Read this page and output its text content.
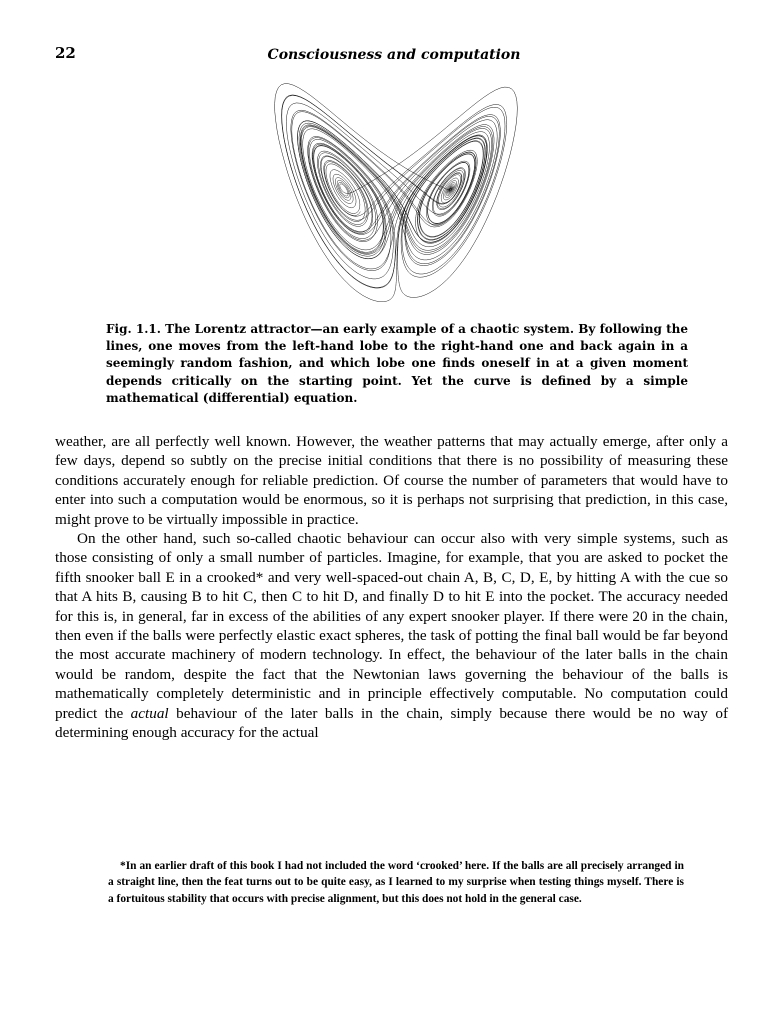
22	Consciousness and computation
Fig. 1.1. The Lorentz attractor—an early example of a chaotic system. By following the lines, one moves from the left-hand lobe to the right-hand one and back again in a seemingly random fashion, and which lobe one finds oneself in at a given moment depends critically on the starting point. Yet the curve is defined by a simple mathematical (differential) equation.

weather, are all perfectly well known. However, the weather patterns that may actually emerge, after only a few days, depend so subtly on the precise initial conditions that there is no possibility of measuring these conditions accurately enough for reliable prediction. Of course the number of parameters that would have to enter into such a computation would be enormous, so it is perhaps not surprising that prediction, in this case, might prove to be virtually impossible in practice.

On the other hand, such so-called chaotic behaviour can occur also with very simple systems, such as those consisting of only a small number of particles. Imagine, for example, that you are asked to pocket the fifth snooker ball E in a crooked* and very well-spaced-out chain A, B, C, D, E, by hitting A with the cue so that A hits B, causing B to hit C, then C to hit D, and finally D to hit E into the pocket. The accuracy needed for this is, in general, far in excess of the abilities of any expert snooker player. If there were 20 in the chain, then even if the balls were perfectly elastic exact spheres, the task of potting the final ball would be far beyond the most accurate machinery of modern technology. In effect, the behaviour of the later balls in the chain would be random, despite the fact that the Newtonian laws governing the behaviour of the balls is mathematically completely deterministic and in principle effectively computable. No computation could predict the actual behaviour of the later balls in the chain, simply because there would be no way of determining enough accuracy for the actual

*In an earlier draft of this book I had not included the word ‘crooked’ here. If the balls are all precisely arranged in a straight line, then the feat turns out to be quite easy, as I learned to my surprise when testing things myself. There is a fortuitous stability that occurs with precise alignment, but this does not hold in the general case.
